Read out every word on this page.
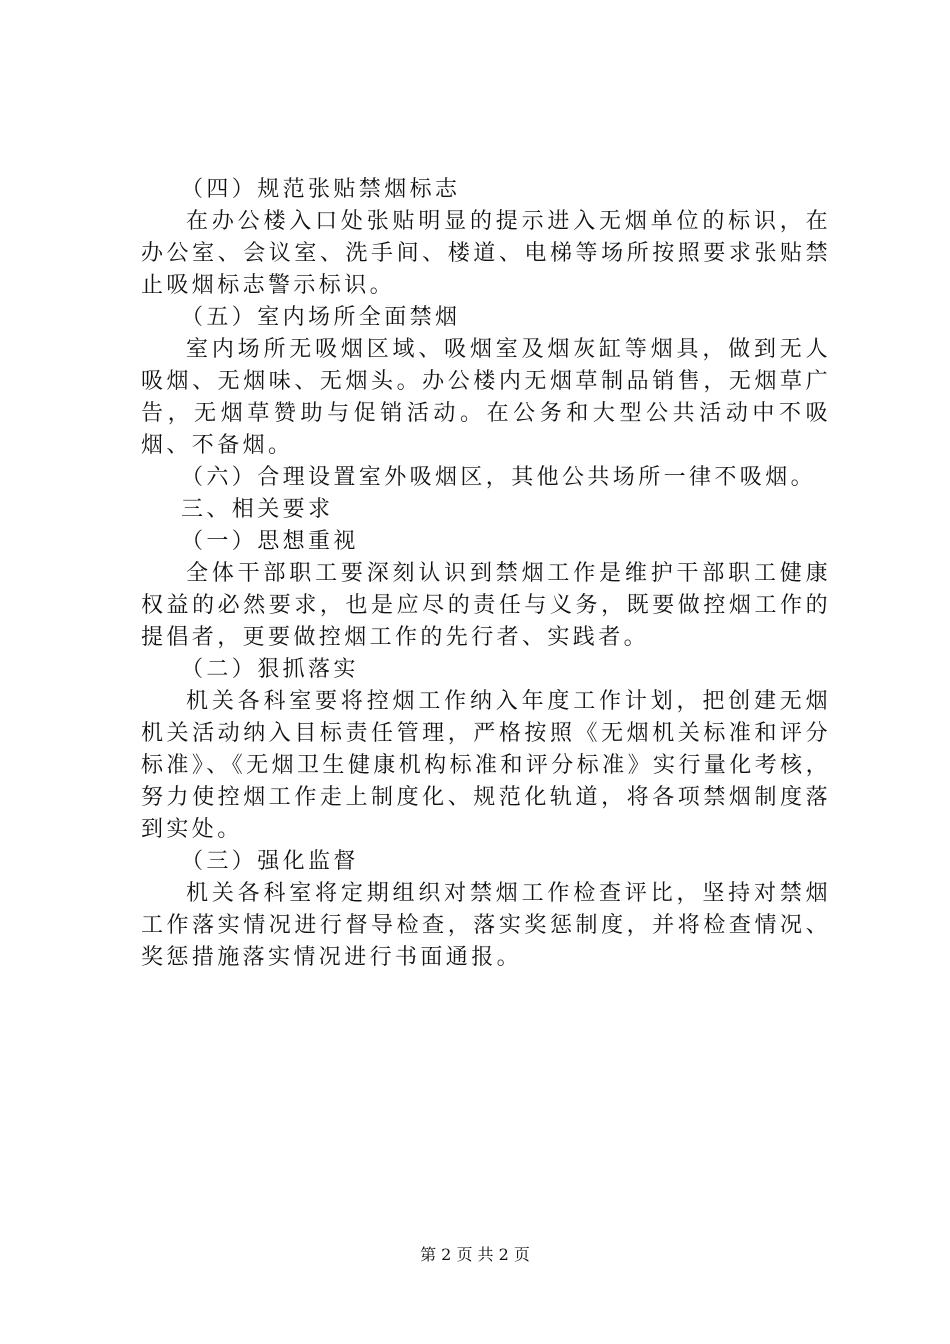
（四）规范张贴禁烟标志

在办公楼入口处张贴明显的提示进入无烟单位的标识，在办公室、会议室、洗手间、楼道、电梯等场所按照要求张贴禁止吸烟标志警示标识。

（五）室内场所全面禁烟

室内场所无吸烟区域、吸烟室及烟灰缸等烟具，做到无人吸烟、无烟味、无烟头。办公楼内无烟草制品销售，无烟草广告，无烟草赞助与促销活动。在公务和大型公共活动中不吸烟、不备烟。

（六）合理设置室外吸烟区，其他公共场所一律不吸烟。

三、相关要求

（一）思想重视

全体干部职工要深刻认识到禁烟工作是维护干部职工健康权益的必然要求，也是应尽的责任与义务，既要做控烟工作的提倡者，更要做控烟工作的先行者、实践者。

（二）狠抓落实

机关各科室要将控烟工作纳入年度工作计划，把创建无烟机关活动纳入目标责任管理，严格按照《无烟机关标准和评分标准》、《无烟卫生健康机构标准和评分标准》实行量化考核，努力使控烟工作走上制度化、规范化轨道，将各项禁烟制度落到实处。

（三）强化监督

机关各科室将定期组织对禁烟工作检查评比，坚持对禁烟工作落实情况进行督导检查，落实奖惩制度，并将检查情况、奖惩措施落实情况进行书面通报。

第 2 页 共 2 页
